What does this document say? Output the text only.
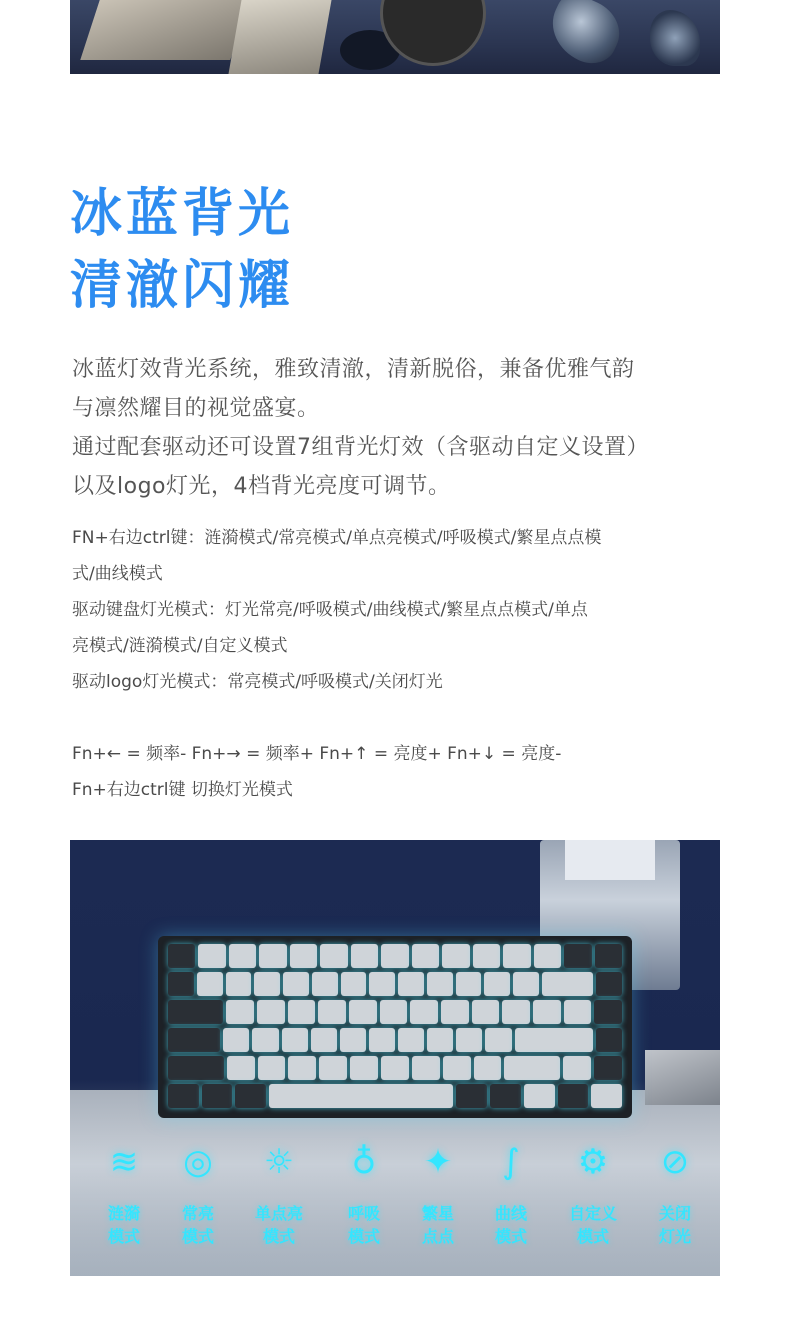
冰蓝背光
清澈闪耀

冰蓝灯效背光系统，雅致清澈，清新脱俗，兼备优雅气韵
与凛然耀目的视觉盛宴。
通过配套驱动还可设置7组背光灯效（含驱动自定义设置）
以及logo灯光，4档背光亮度可调节。

FN+右边ctrl键：涟漪模式/常亮模式/单点亮模式/呼吸模式/繁星点点模
式/曲线模式
驱动键盘灯光模式：灯光常亮/呼吸模式/曲线模式/繁星点点模式/单点
亮模式/涟漪模式/自定义模式
驱动logo灯光模式：常亮模式/呼吸模式/关闭灯光

Fn+← = 频率- Fn+→ = 频率+ Fn+↑ = 亮度+ Fn+↓ = 亮度-
Fn+右边ctrl键 切换灯光模式

≋
涟漪
模式
◎
常亮
模式
☼
单点亮
模式
♁
呼吸
模式
✦
繁星
点点
∫
曲线
模式
⚙
自定义
模式
⊘
关闭
灯光
